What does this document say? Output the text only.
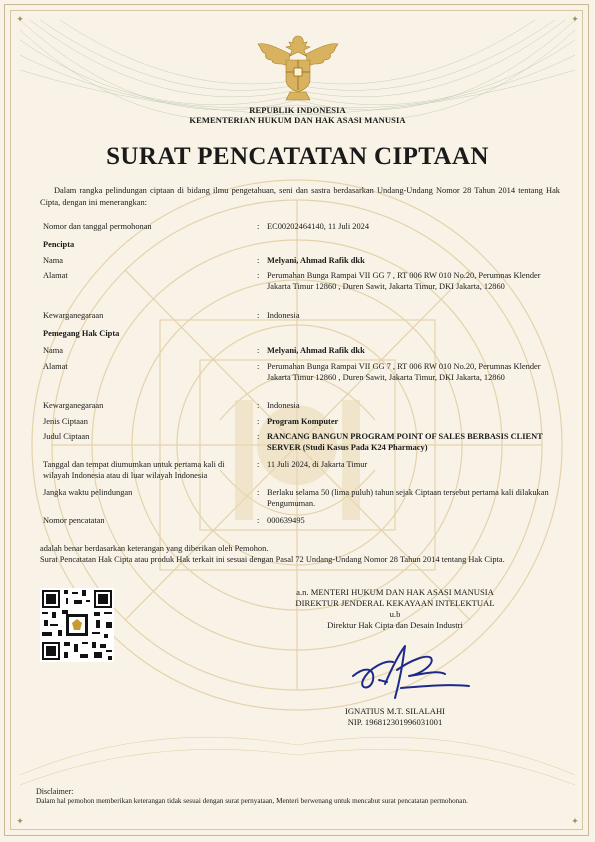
✦	✦
✦	✦
REPUBLIK INDONESIA
KEMENTERIAN HUKUM DAN HAK ASASI MANUSIA
SURAT PENCATATAN CIPTAAN
Dalam rangka pelindungan ciptaan di bidang ilmu pengetahuan, seni dan sastra berdasarkan Undang-Undang Nomor 28 Tahun 2014 tentang Hak Cipta, dengan ini menerangkan:
Nomor dan tanggal permohonan	: EC00202464140, 11 Juli 2024
Pencipta
Nama	: Melyani, Ahmad Rafik dkk
Alamat	: Perumahan Bunga Rampai VII GG 7 , RT 006 RW 010 No.20, Perumnas Klender Jakarta Timur 12860 , Duren Sawit, Jakarta Timur, DKI Jakarta, 12860
Kewarganegaraan	: Indonesia
Pemegang Hak Cipta
Nama	: Melyani, Ahmad Rafik dkk
Alamat	: Perumahan Bunga Rampai VII GG 7 , RT 006 RW 010 No.20, Perumnas Klender Jakarta Timur 12860 , Duren Sawit, Jakarta Timur, DKI Jakarta, 12860
Kewarganegaraan	: Indonesia
Jenis Ciptaan	: Program Komputer
Judul Ciptaan	: RANCANG BANGUN PROGRAM POINT OF SALES BERBASIS CLIENT SERVER (Studi Kasus Pada K24 Pharmacy)
Tanggal dan tempat diumumkan untuk pertama kali di wilayah Indonesia atau di luar wilayah Indonesia
: 11 Juli 2024, di Jakarta Timur
Jangka waktu pelindungan	: Berlaku selama 50 (lima puluh) tahun sejak Ciptaan tersebut pertama kali dilakukan Pengumuman.
Nomor pencatatan	: 000639495
adalah benar berdasarkan keterangan yang diberikan oleh Pemohon.
Surat Pencatatan Hak Cipta atau produk Hak terkait ini sesuai dengan Pasal 72 Undang-Undang Nomor 28 Tahun 2014 tentang Hak Cipta.
a.n. MENTERI HUKUM DAN HAK ASASI MANUSIA
DIREKTUR JENDERAL KEKAYAAN INTELEKTUAL
u.b
Direktur Hak Cipta dan Desain Industri
IGNATIUS M.T. SILALAHI
NIP. 196812301996031001
Disclaimer:
Dalam hal pemohon memberikan keterangan tidak sesuai dengan surat pernyataan, Menteri berwenang untuk mencabut surat pencatatan permohonan.
